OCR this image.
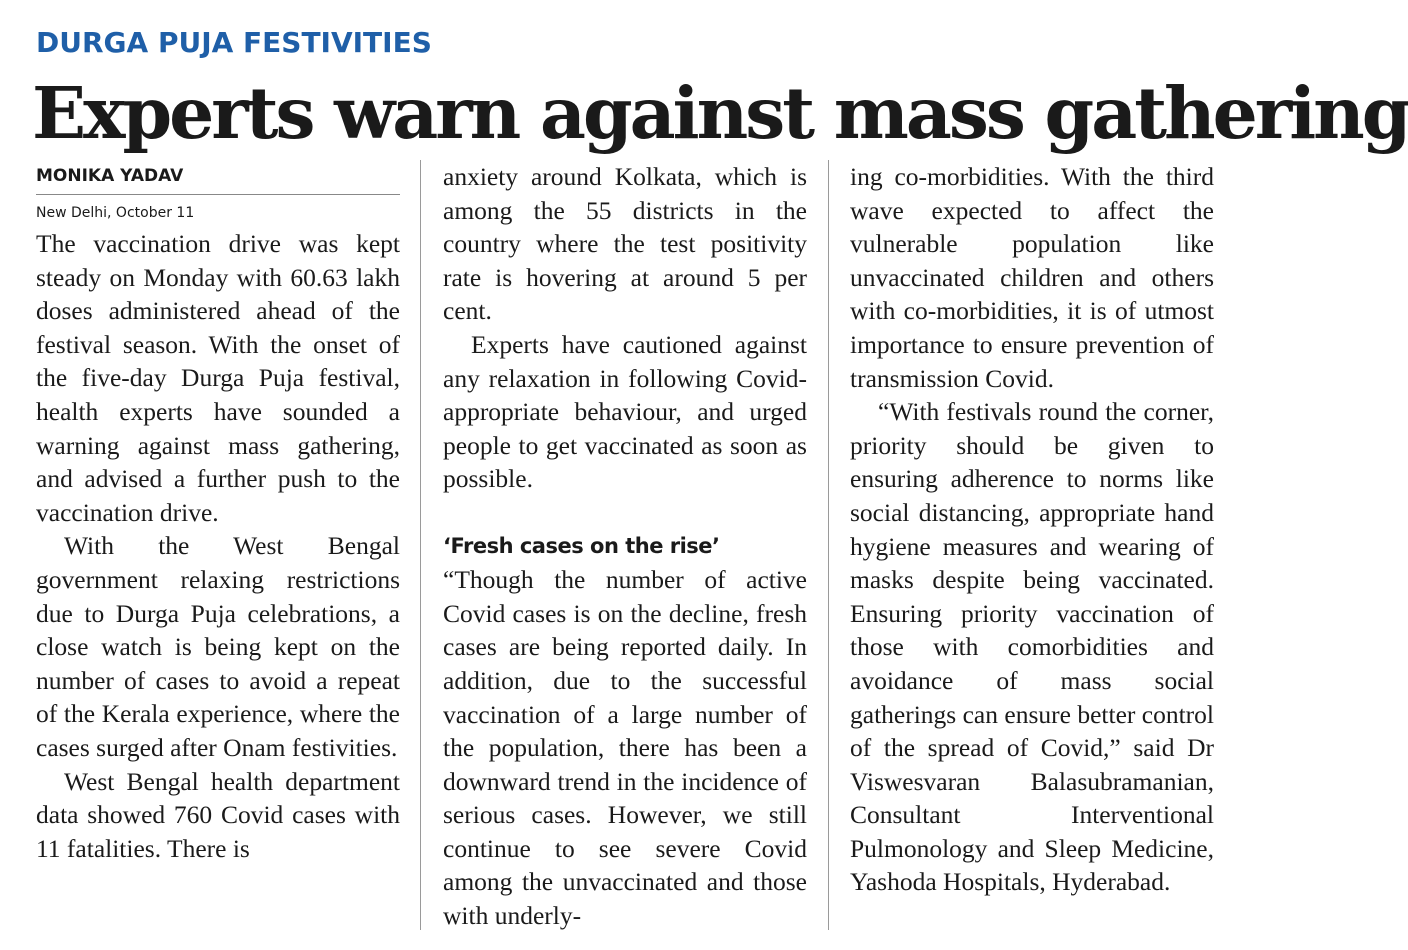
DURGA PUJA FESTIVITIES
Experts warn against mass gathering
MONIKA YADAV
New Delhi, October 11

The vaccination drive was kept steady on Monday with 60.63 lakh doses administered ahead of the festival season. With the onset of the five-day Durga Puja festival, health experts have sounded a warning against mass gathering, and advised a further push to the vaccination drive.

With the West Bengal government relaxing restrictions due to Durga Puja celebrations, a close watch is being kept on the number of cases to avoid a repeat of the Kerala experience, where the cases surged after Onam festivities.

West Bengal health department data showed 760 Covid cases with 11 fatalities. There is

anxiety around Kolkata, which is among the 55 districts in the country where the test positivity rate is hovering at around 5 per cent.

Experts have cautioned against any relaxation in following Covid-appropriate behaviour, and urged people to get vaccinated as soon as possible.

‘Fresh cases on the rise’

“Though the number of active Covid cases is on the decline, fresh cases are being reported daily. In addition, due to the successful vaccination of a large number of the population, there has been a downward trend in the incidence of serious cases. However, we still continue to see severe Covid among the unvaccinated and those with underly-

ing co-morbidities. With the third wave expected to affect the vulnerable population like unvaccinated children and others with co-morbidities, it is of utmost importance to ensure prevention of transmission Covid.

“With festivals round the corner, priority should be given to ensuring adherence to norms like social distancing, appropriate hand hygiene measures and wearing of masks despite being vaccinated. Ensuring priority vaccination of those with comorbidities and avoidance of mass social gatherings can ensure better control of the spread of Covid,” said Dr Viswesvaran Balasubramanian, Consultant Interventional Pulmonology and Sleep Medicine, Yashoda Hospitals, Hyderabad.
